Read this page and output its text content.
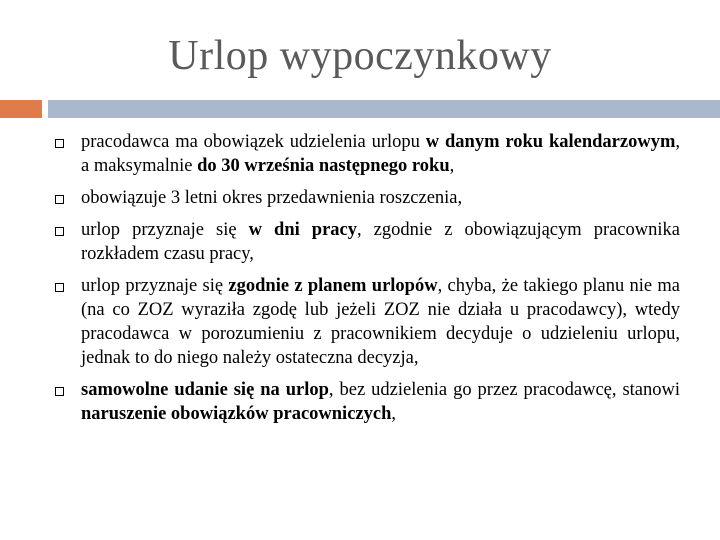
Urlop wypoczynkowy
pracodawca ma obowiązek udzielenia urlopu w danym roku kalendarzowym, a maksymalnie do 30 września następnego roku,
obowiązuje 3 letni okres przedawnienia roszczenia,
urlop przyznaje się w dni pracy, zgodnie z obowiązującym pracownika rozkładem czasu pracy,
urlop przyznaje się zgodnie z planem urlopów, chyba, że takiego planu nie ma (na co ZOZ wyraziła zgodę lub jeżeli ZOZ nie działa u pracodawcy), wtedy pracodawca w porozumieniu z pracownikiem decyduje o udzieleniu urlopu, jednak to do niego należy ostateczna decyzja,
samowolne udanie się na urlop, bez udzielenia go przez pracodawcę, stanowi naruszenie obowiązków pracowniczych,
